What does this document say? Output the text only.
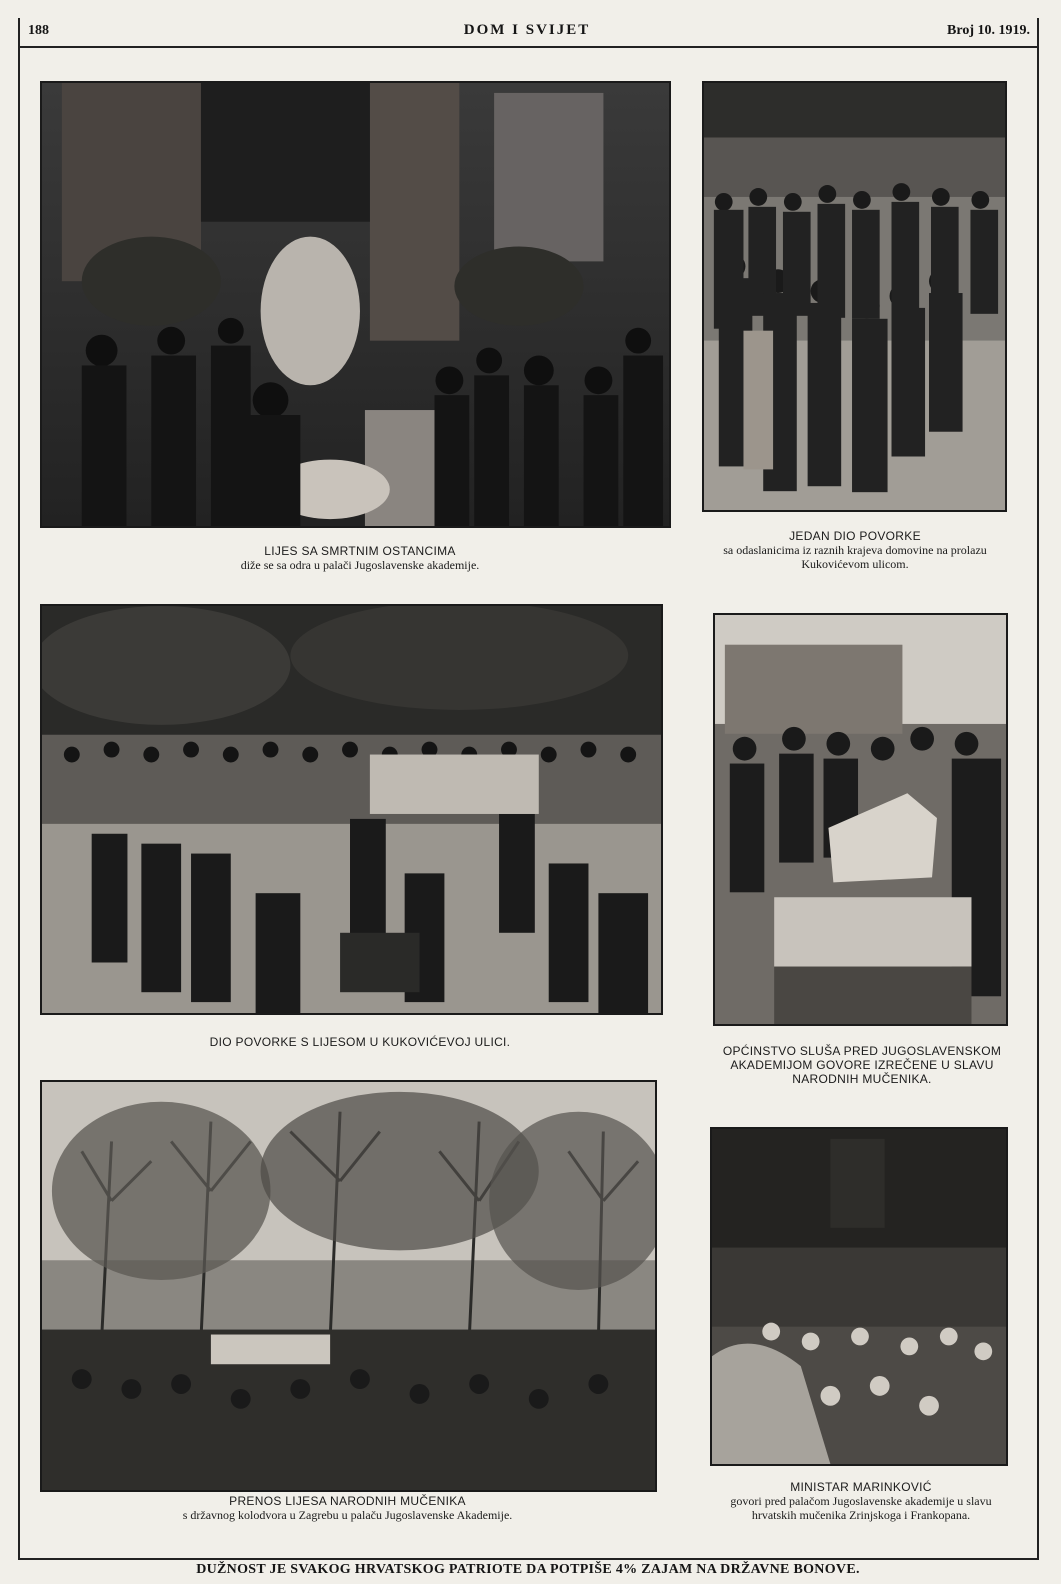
188	DOM I SVIJET	Broj 10. 1919.
LIJES SA SMRTNIM OSTANCIMA
diže se sa odra u palači Jugoslavenske akademije.
JEDAN DIO POVORKE
sa odaslanicima iz raznih krajeva domovine na prolazu Kukovićevom ulicom.
DIO POVORKE S LIJESOM U KUKOVIĆEVOJ ULICI.
OPĆINSTVO SLUŠA PRED JUGOSLAVENSKOM AKADEMIJOM GOVORE IZREČENE U SLAVU NARODNIH MUČENIKA.
PRENOS LIJESA NARODNIH MUČENIKA
s državnog kolodvora u Zagrebu u palaču Jugoslavenske Akademije.
MINISTAR MARINKOVIĆ
govori pred palačom Jugoslavenske akademije u slavu hrvatskih mučenika Zrinjskoga i Frankopana.
DUŽNOST JE SVAKOG HRVATSKOG PATRIOTE DA POTPIŠE 4% ZAJAM NA DRŽAVNE BONOVE.
